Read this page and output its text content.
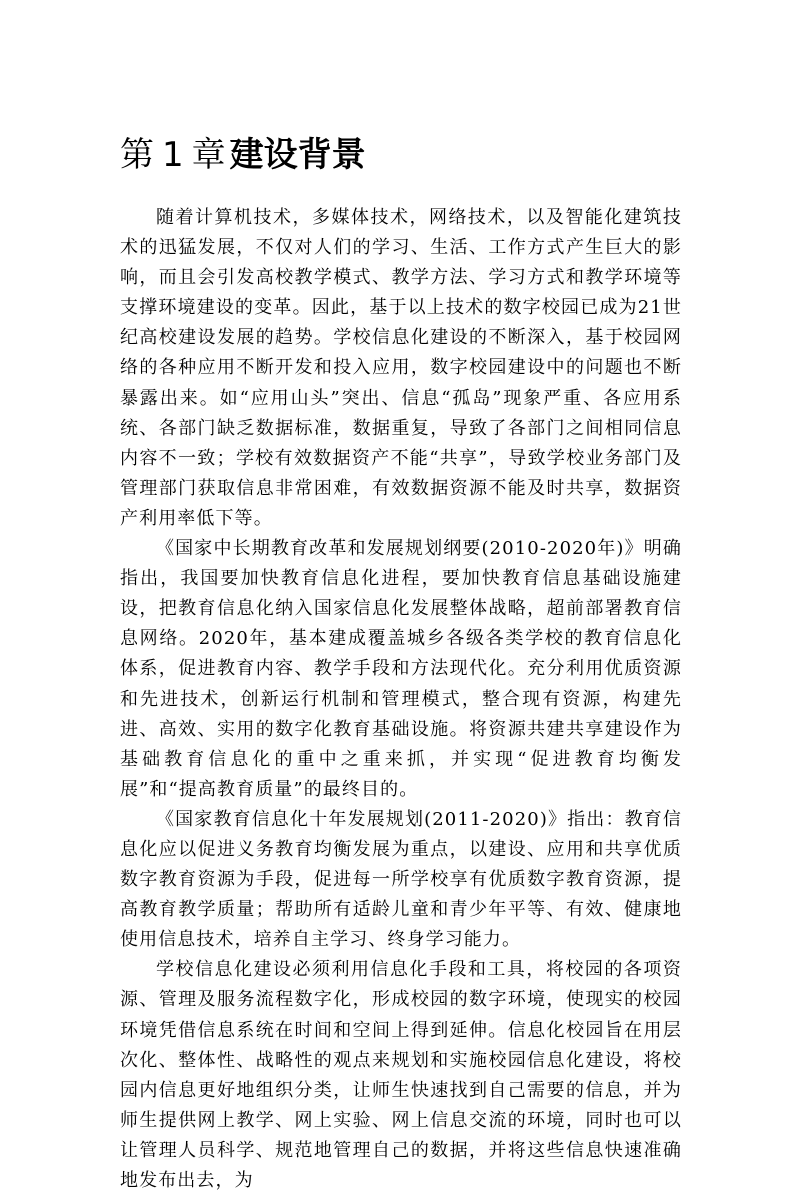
第 1 章 建设背景

随着计算机技术，多媒体技术，网络技术，以及智能化建筑技术的迅猛发展，不仅对人们的学习、生活、工作方式产生巨大的影响，而且会引发高校教学模式、教学方法、学习方式和教学环境等支撑环境建设的变革。因此，基于以上技术的数字校园已成为21世纪高校建设发展的趋势。学校信息化建设的不断深入，基于校园网络的各种应用不断开发和投入应用，数字校园建设中的问题也不断暴露出来。如“应用山头”突出、信息“孤岛”现象严重、各应用系统、各部门缺乏数据标准，数据重复，导致了各部门之间相同信息内容不一致；学校有效数据资产不能“共享”，导致学校业务部门及管理部门获取信息非常困难，有效数据资源不能及时共享，数据资产利用率低下等。

《国家中长期教育改革和发展规划纲要(2010-2020年)》明确指出，我国要加快教育信息化进程，要加快教育信息基础设施建设，把教育信息化纳入国家信息化发展整体战略，超前部署教育信息网络。2020年，基本建成覆盖城乡各级各类学校的教育信息化体系，促进教育内容、教学手段和方法现代化。充分利用优质资源和先进技术，创新运行机制和管理模式，整合现有资源，构建先进、高效、实用的数字化教育基础设施。将资源共建共享建设作为基础教育信息化的重中之重来抓，并实现“促进教育均衡发展”和“提高教育质量”的最终目的。

《国家教育信息化十年发展规划(2011-2020)》指出：教育信息化应以促进义务教育均衡发展为重点，以建设、应用和共享优质数字教育资源为手段，促进每一所学校享有优质数字教育资源，提高教育教学质量；帮助所有适龄儿童和青少年平等、有效、健康地使用信息技术，培养自主学习、终身学习能力。

学校信息化建设必须利用信息化手段和工具，将校园的各项资源、管理及服务流程数字化，形成校园的数字环境，使现实的校园环境凭借信息系统在时间和空间上得到延伸。信息化校园旨在用层次化、整体性、战略性的观点来规划和实施校园信息化建设，将校园内信息更好地组织分类，让师生快速找到自己需要的信息，并为师生提供网上教学、网上实验、网上信息交流的环境，同时也可以让管理人员科学、规范地管理自己的数据，并将这些信息快速准确地发布出去，为
